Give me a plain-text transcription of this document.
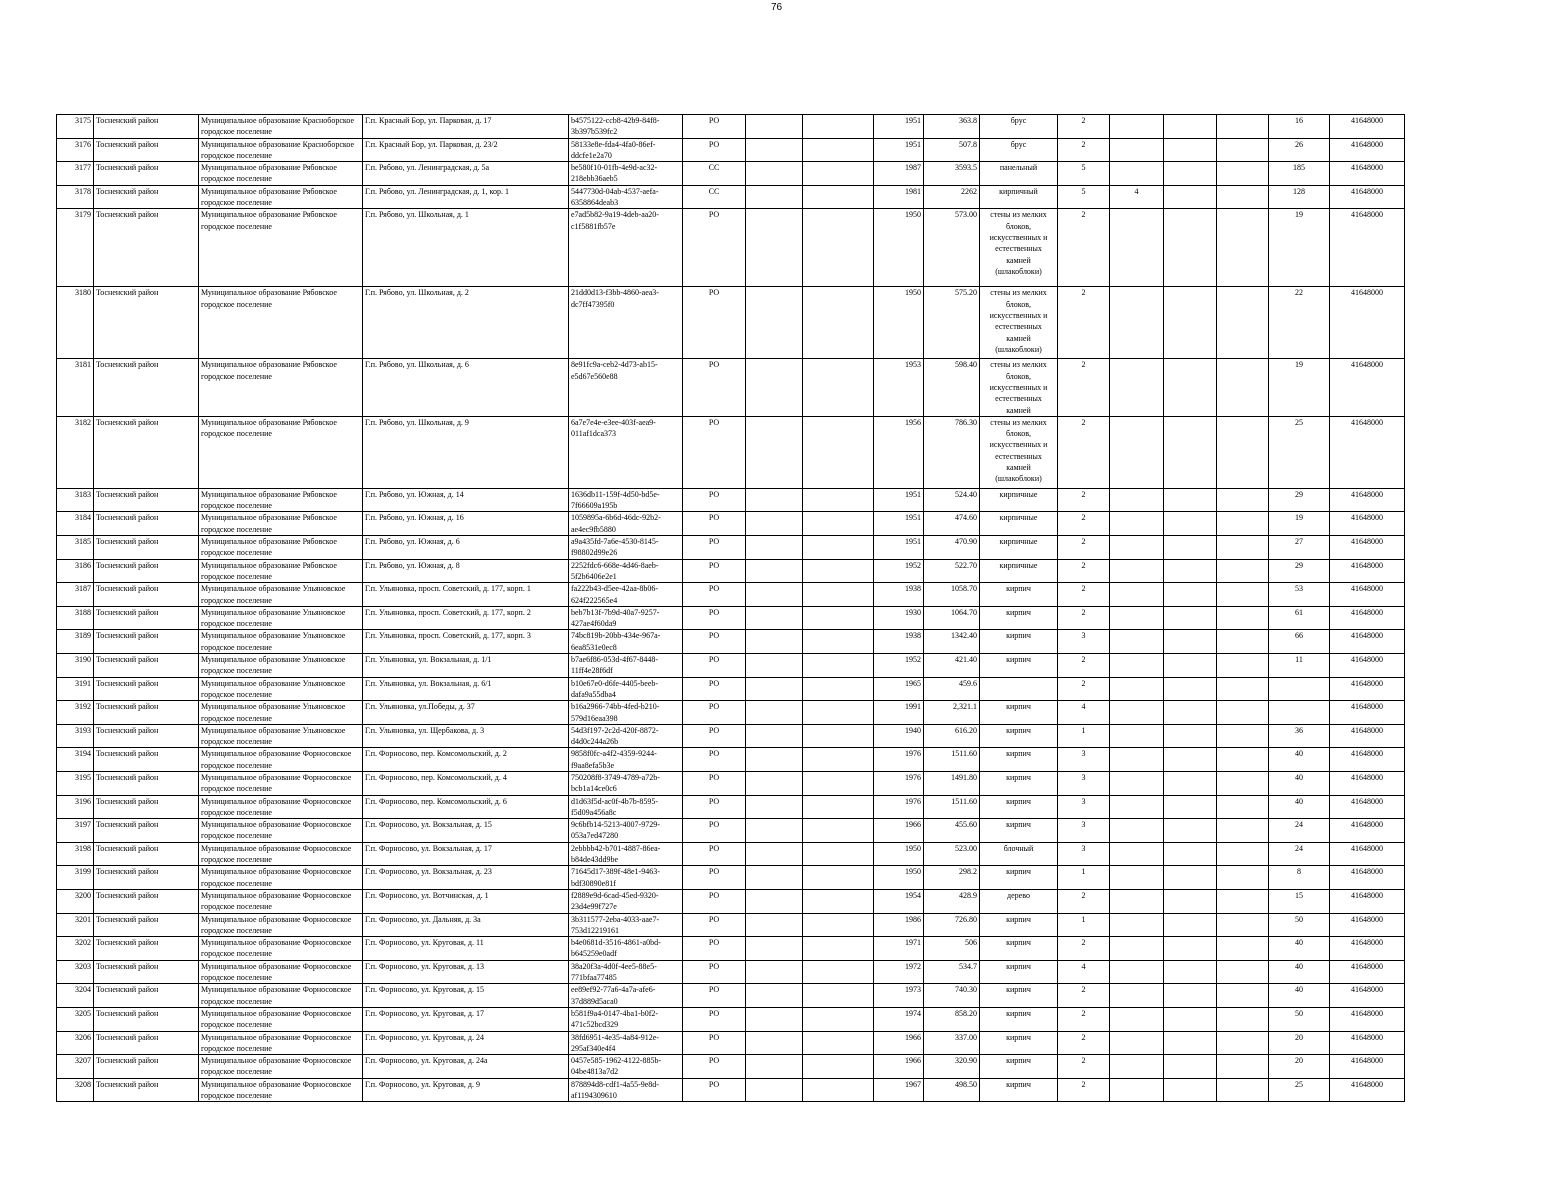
76
3175	Тосненский район	Муниципальное образование Красноборское городское поселение	Г.п. Красный Бор, ул. Парковая, д. 17	b4575122-ccb8-42b9-84f8-3b397b539fc2	РО			1951	363.8	брус	2				16	41648000
3176	Тосненский район	Муниципальное образование Красноборское городское поселение	Г.п. Красный Бор, ул. Парковая, д. 23/2	58133e8e-fda4-4fa0-86ef-ddcfe1e2a70	РО			1951	507.8	брус	2				26	41648000
3177	Тосненский район	Муниципальное образование Рябовское городское поселение	Г.п. Рябово, ул. Ленинградская, д. 5а	be580f10-01fb-4e9d-ac32-218ebb36aeb5	СС			1987	3593.5	панельный	5				185	41648000
3178	Тосненский район	Муниципальное образование Рябовское городское поселение	Г.п. Рябово, ул. Ленинградская, д. 1, кор. 1	5447730d-04ab-4537-aefa-6358864deab3	СС			1981	2262	кирпичный	5	4			128	41648000
3179	Тосненский район	Муниципальное образование Рябовское городское поселение	Г.п. Рябово, ул. Школьная, д. 1	e7ad5b82-9a19-4deb-aa20-c1f5881fb57e	РО			1950	573.00	стены из мелких блоков, искусственных и естественных камней (шлакоблоки)	2				19	41648000
3180	Тосненский район	Муниципальное образование Рябовское городское поселение	Г.п. Рябово, ул. Школьная, д. 2	21dd0d13-f3bb-4860-aea3-dc7ff47395f0	РО			1950	575.20	стены из мелких блоков, искусственных и естественных камней (шлакоблоки)	2				22	41648000
3181	Тосненский район	Муниципальное образование Рябовское городское поселение	Г.п. Рябово, ул. Школьная, д. 6	8e91fc9a-ceb2-4d73-ab15-e5d67e560e88	РО			1953	598.40	стены из мелких блоков, искусственных и естественных камней	2				19	41648000
3182	Тосненский район	Муниципальное образование Рябовское городское поселение	Г.п. Рябово, ул. Школьная, д. 9	6a7e7e4e-e3ee-403f-aea9-011af1dca373	РО			1956	786.30	стены из мелких блоков, искусственных и естественных камней (шлакоблоки)	2				25	41648000
3183	Тосненский район	Муниципальное образование Рябовское городское поселение	Г.п. Рябово, ул. Южная, д. 14	1636db11-159f-4d50-bd5e-7f66609a195b	РО			1951	524.40	кирпичные	2				29	41648000
3184	Тосненский район	Муниципальное образование Рябовское городское поселение	Г.п. Рябово, ул. Южная, д. 16	1059895a-6b6d-46dc-92b2-ae4ec9fb5880	РО			1951	474.60	кирпичные	2				19	41648000
3185	Тосненский район	Муниципальное образование Рябовское городское поселение	Г.п. Рябово, ул. Южная, д. 6	a9a435fd-7a6e-4530-8145-f98802d99e26	РО			1951	470.90	кирпичные	2				27	41648000
3186	Тосненский район	Муниципальное образование Рябовское городское поселение	Г.п. Рябово, ул. Южная, д. 8	2252fdc6-668e-4d46-8aeb-5f2b6406e2e1	РО			1952	522.70	кирпичные	2				29	41648000
3187	Тосненский район	Муниципальное образование Ульяновское городское поселение	Г.п. Ульяновка, просп. Советский, д. 177, корп. 1	fa222b43-d5ee-42aa-8b06-624f222565e4	РО			1938	1058.70	кирпич	2				53	41648000
3188	Тосненский район	Муниципальное образование Ульяновское городское поселение	Г.п. Ульяновка, просп. Советский, д. 177, корп. 2	beb7b13f-7b9d-40a7-9257-427ae4f60da9	РО			1930	1064.70	кирпич	2				61	41648000
3189	Тосненский район	Муниципальное образование Ульяновское городское поселение	Г.п. Ульяновка, просп. Советский, д. 177, корп. 3	74bc819b-20bb-434e-967a-6ea8531e0ec8	РО			1938	1342.40	кирпич	3				66	41648000
3190	Тосненский район	Муниципальное образование Ульяновское городское поселение	Г.п. Ульяновка, ул. Вокзальная, д. 1/1	b7ae6f86-053d-4f67-8448-11ff4e28f6df	РО			1952	421.40	кирпич	2				11	41648000
3191	Тосненский район	Муниципальное образование Ульяновское городское поселение	Г.п. Ульяновка, ул. Вокзальная, д. 6/1	b10e67e0-d6fe-4405-beeb-dafa9a55dba4	РО			1965	459.6		2					41648000
3192	Тосненский район	Муниципальное образование Ульяновское городское поселение	Г.п. Ульяновка, ул.Победы, д. 37	b16a2966-74bb-4fed-b210-579d16eaa398	РО			1991	2,321.1	кирпич	4					41648000
3193	Тосненский район	Муниципальное образование Ульяновское городское поселение	Г.п. Ульяновка, ул. Щербакова, д. 3	54d3f197-2c2d-420f-8872-d4d0c244a26b	РО			1940	616.20	кирпич	1				36	41648000
3194	Тосненский район	Муниципальное образование Форносовское городское поселение	Г.п. Форносово, пер. Комсомольский, д. 2	9858f0fc-a4f2-4359-9244-f9aa8efa5b3e	РО			1976	1511.60	кирпич	3				40	41648000
3195	Тосненский район	Муниципальное образование Форносовское городское поселение	Г.п. Форносово, пер. Комсомольский, д. 4	750208f8-3749-4789-a72b-bcb1a14ce0c6	РО			1976	1491.80	кирпич	3				40	41648000
3196	Тосненский район	Муниципальное образование Форносовское городское поселение	Г.п. Форносово, пер. Комсомольский, д. 6	d1d63f5d-ac0f-4b7b-8595-f5d09a456a8c	РО			1976	1511.60	кирпич	3				40	41648000
3197	Тосненский район	Муниципальное образование Форносовское городское поселение	Г.п. Форносово, ул. Вокзальная, д. 15	9c6bfb14-5213-4007-9729-053a7ed47280	РО			1966	455.60	кирпич	3				24	41648000
3198	Тосненский район	Муниципальное образование Форносовское городское поселение	Г.п. Форносово, ул. Вокзальная, д. 17	2ebbbb42-b701-4887-86ea-b84de43dd9be	РО			1950	523.00	блочный	3				24	41648000
3199	Тосненский район	Муниципальное образование Форносовское городское поселение	Г.п. Форносово, ул. Вокзальная, д. 23	71645d17-389f-48e1-9463-bdf30890e81f	РО			1950	298.2	кирпич	1				8	41648000
3200	Тосненский район	Муниципальное образование Форносовское городское поселение	Г.п. Форносово, ул. Вотчинская, д. 1	f2889e9d-6cad-45ed-9320-23d4e99f727e	РО			1954	428.9	дерево	2				15	41648000
3201	Тосненский район	Муниципальное образование Форносовское городское поселение	Г.п. Форносово, ул. Дальняя, д. 3а	3b311577-2eba-4033-aae7-753d12219161	РО			1986	726.80	кирпич	1				50	41648000
3202	Тосненский район	Муниципальное образование Форносовское городское поселение	Г.п. Форносово, ул. Круговая, д. 11	b4e0681d-3516-4861-a0bd-b645259e0adf	РО			1971	506	кирпич	2				40	41648000
3203	Тосненский район	Муниципальное образование Форносовское городское поселение	Г.п. Форносово, ул. Круговая, д. 13	38a20f3a-4d0f-4ee5-88e5-771bfaa77485	РО			1972	534.7	кирпич	4				40	41648000
3204	Тосненский район	Муниципальное образование Форносовское городское поселение	Г.п. Форносово, ул. Круговая, д. 15	ee89ef92-77a6-4a7a-afe6-37d889d5aca0	РО			1973	740.30	кирпич	2				40	41648000
3205	Тосненский район	Муниципальное образование Форносовское городское поселение	Г.п. Форносово, ул. Круговая, д. 17	b581f9a4-0147-4ba1-b0f2-471c52bcd329	РО			1974	858.20	кирпич	2				50	41648000
3206	Тосненский район	Муниципальное образование Форносовское городское поселение	Г.п. Форносово, ул. Круговая, д. 24	38fd6951-4e35-4a84-912e-295af340e4f4	РО			1966	337.00	кирпич	2				20	41648000
3207	Тосненский район	Муниципальное образование Форносовское городское поселение	Г.п. Форносово, ул. Круговая, д. 24а	0457e585-1962-4122-885b-04be4813a7d2	РО			1966	320.90	кирпич	2				20	41648000
3208	Тосненский район	Муниципальное образование Форносовское городское поселение	Г.п. Форносово, ул. Круговая, д. 9	878894d8-cdf1-4a55-9e8d-af1194309610	РО			1967	498.50	кирпич	2				25	41648000
